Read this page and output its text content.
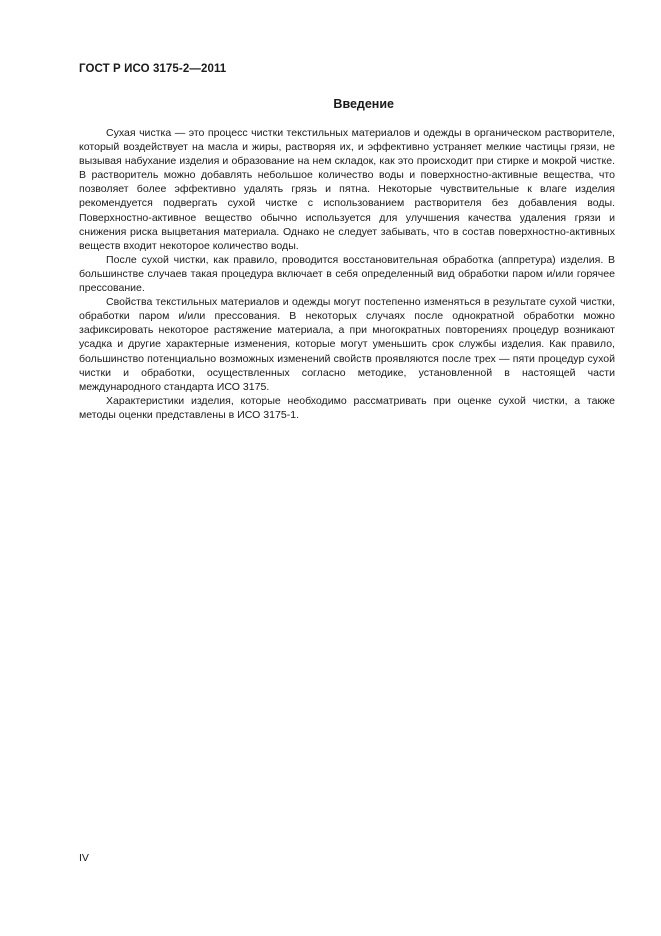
ГОСТ Р ИСО 3175-2—2011
Введение

Сухая чистка — это процесс чистки текстильных материалов и одежды в органическом растворителе, который воздействует на масла и жиры, растворяя их, и эффективно устраняет мелкие частицы грязи, не вызывая набухание изделия и образование на нем складок, как это происходит при стирке и мокрой чистке. В растворитель можно добавлять небольшое количество воды и поверхностно-активные вещества, что позволяет более эффективно удалять грязь и пятна. Некоторые чувствительные к влаге изделия рекомендуется подвергать сухой чистке с использованием растворителя без добавления воды. Поверхностно-активное вещество обычно используется для улучшения качества удаления грязи и снижения риска выцветания материала. Однако не следует забывать, что в состав поверхностно-активных веществ входит некоторое количество воды.

После сухой чистки, как правило, проводится восстановительная обработка (аппретура) изделия. В большинстве случаев такая процедура включает в себя определенный вид обработки паром и/или горячее прессование.

Свойства текстильных материалов и одежды могут постепенно изменяться в результате сухой чистки, обработки паром и/или прессования. В некоторых случаях после однократной обработки можно зафиксировать некоторое растяжение материала, а при многократных повторениях процедур возникают усадка и другие характерные изменения, которые могут уменьшить срок службы изделия. Как правило, большинство потенциально возможных изменений свойств проявляются после трех — пяти процедур сухой чистки и обработки, осуществленных согласно методике, установленной в настоящей части международного стандарта ИСО 3175.

Характеристики изделия, которые необходимо рассматривать при оценке сухой чистки, а также методы оценки представлены в ИСО 3175-1.

IV
